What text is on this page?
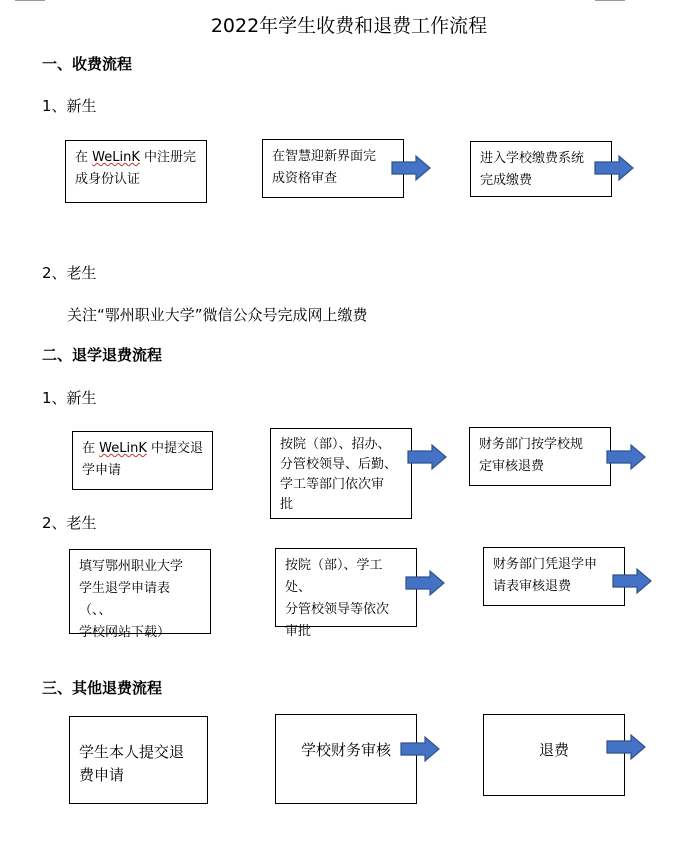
2022年学生收费和退费工作流程
一、收费流程
1、新生
在 WeLinK 中注册完
成身份认证
在智慧迎新界面完
成资格审查
进入学校缴费系统
完成缴费
2、老生
关注“鄂州职业大学”微信公众号完成网上缴费
二、退学退费流程
1、新生
在 WeLinK 中提交退
学申请
按院（部）、招办、
分管校领导、后勤、
学工等部门依次审
批
财务部门按学校规
定审核退费
2、老生
填写鄂州职业大学
学生退学申请表（、、
学校网站下载）
按院（部）、学工处、
分管校领导等依次
审批
财务部门凭退学申
请表审核退费
三、其他退费流程
学生本人提交退
费申请
学校财务审核	退费
